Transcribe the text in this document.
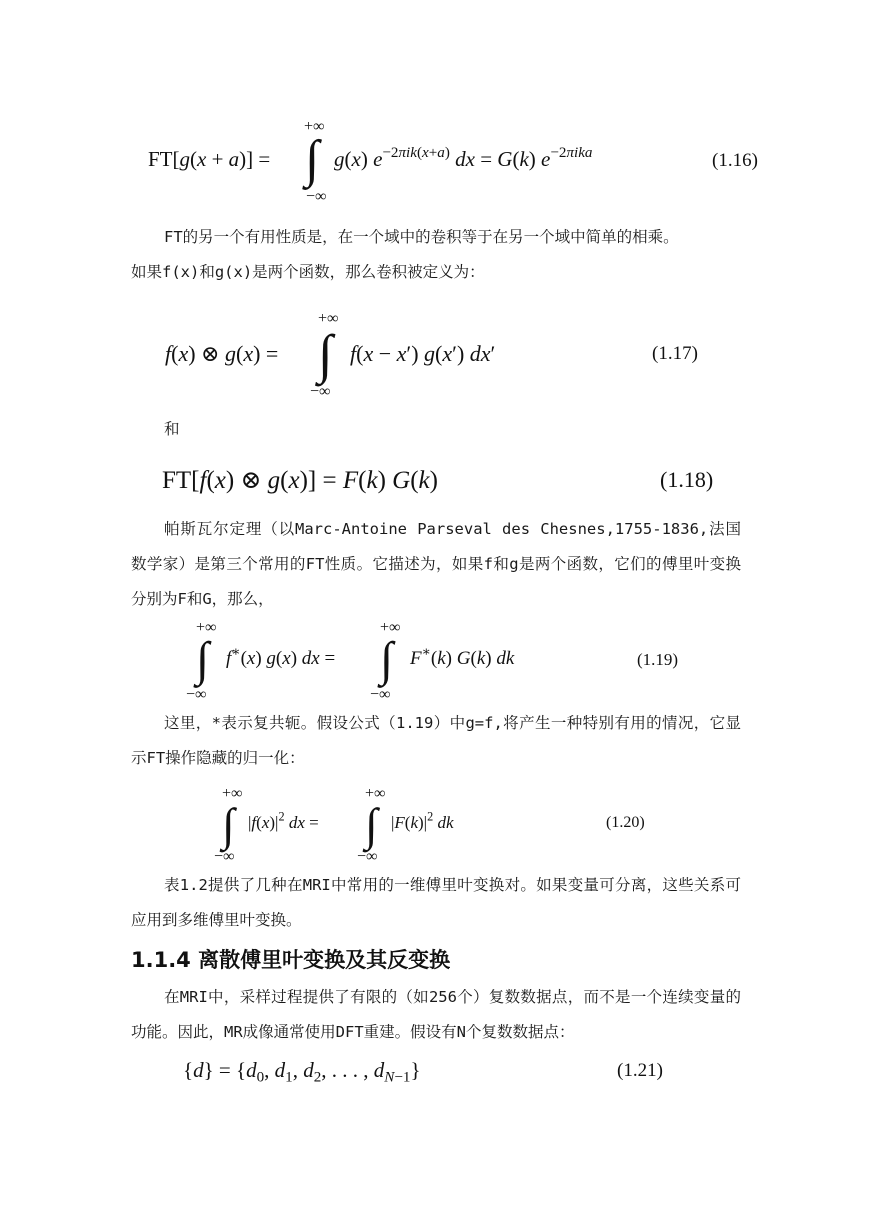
+∞
∫
−∞
FT[g(x + a)] =	g(x) $e^{-2\pi ik(x+a)}$ dx = G(k) $e^{-2\pi ika}$	(1.16)
FT的另一个有用性质是，在一个域中的卷积等于在另一个域中简单的相乘。
如果f(x)和g(x)是两个函数，那么卷积被定义为：
+∞
∫
−∞
f(x) ⊗ g(x) =	f(x − x′) g(x′) dx′	(1.17)
和
FT[f(x) ⊗ g(x)] = F(k) G(k)	(1.18)
帕斯瓦尔定理（以Marc-Antoine Parseval des Chesnes,1755-1836,法国数学家）是第三个常用的FT性质。它描述为，如果f和g是两个函数，它们的傅里叶变换分别为F和G，那么，
+∞
∫
−∞
f∗(x) g(x) dx =
+∞
∫
−∞
F∗(k) G(k) dk	(1.19)
这里，*表示复共轭。假设公式（1.19）中g=f,将产生一种特别有用的情况，它显示FT操作隐藏的归一化：
+∞
∫
−∞
$|f(x)|^2$ dx =
+∞
∫
−∞
$|F(k)|^2$ dk	(1.20)
表1.2提供了几种在MRI中常用的一维傅里叶变换对。如果变量可分离，这些关系可应用到多维傅里叶变换。
1.1.4 离散傅里叶变换及其反变换
在MRI中，采样过程提供了有限的（如256个）复数数据点，而不是一个连续变量的功能。因此，MR成像通常使用DFT重建。假设有N个复数数据点：
$\{d\} = \{d_0$, $d_1$, $d_2$, . . . , $d_{N-1}$}	(1.21)
